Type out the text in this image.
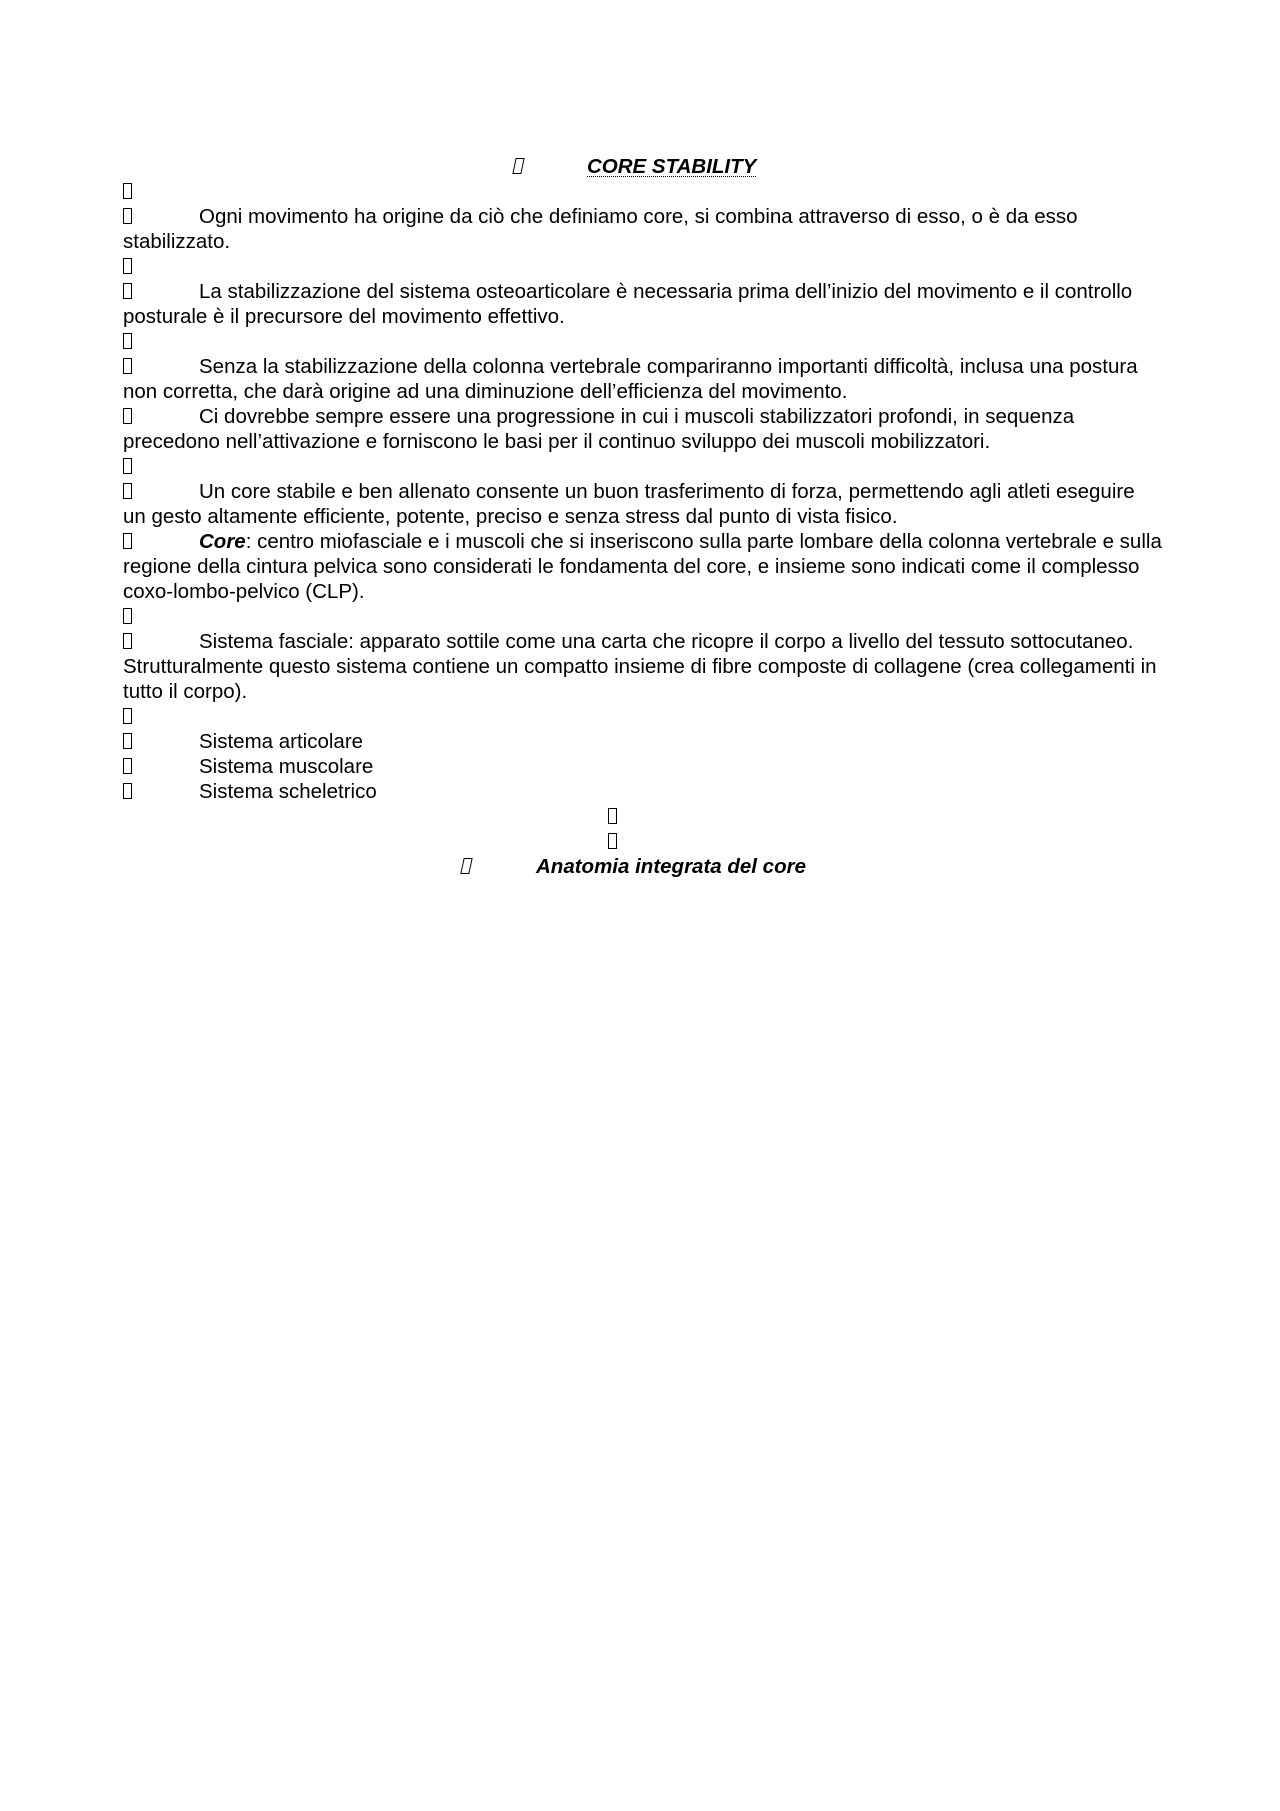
CORE STABILITY
Ogni movimento ha origine da ciò che definiamo core, si combina attraverso di esso, o è da esso stabilizzato.
La stabilizzazione del sistema osteoarticolare è necessaria prima dell’inizio del movimento e il controllo posturale è il precursore del movimento effettivo.
Senza la stabilizzazione della colonna vertebrale compariranno importanti difficoltà, inclusa una postura non corretta, che darà origine ad una diminuzione dell’efficienza del movimento.
Ci dovrebbe sempre essere una progressione in cui i muscoli stabilizzatori profondi, in sequenza precedono nell’attivazione e forniscono le basi per il continuo sviluppo dei muscoli mobilizzatori.
Un core stabile e ben allenato consente un buon trasferimento di forza, permettendo agli atleti eseguire un gesto altamente efficiente, potente, preciso e senza stress dal punto di vista fisico.
Core: centro miofasciale e i muscoli che si inseriscono sulla parte lombare della colonna vertebrale e sulla regione della cintura pelvica sono considerati le fondamenta del core, e insieme sono indicati come il complesso coxo-lombo-pelvico (CLP).
Sistema fasciale: apparato sottile come una carta che ricopre il corpo a livello del tessuto sottocutaneo. Strutturalmente questo sistema contiene un compatto insieme di fibre composte di collagene (crea collegamenti in tutto il corpo).
Sistema articolare
Sistema muscolare
Sistema scheletrico
Anatomia integrata del core
